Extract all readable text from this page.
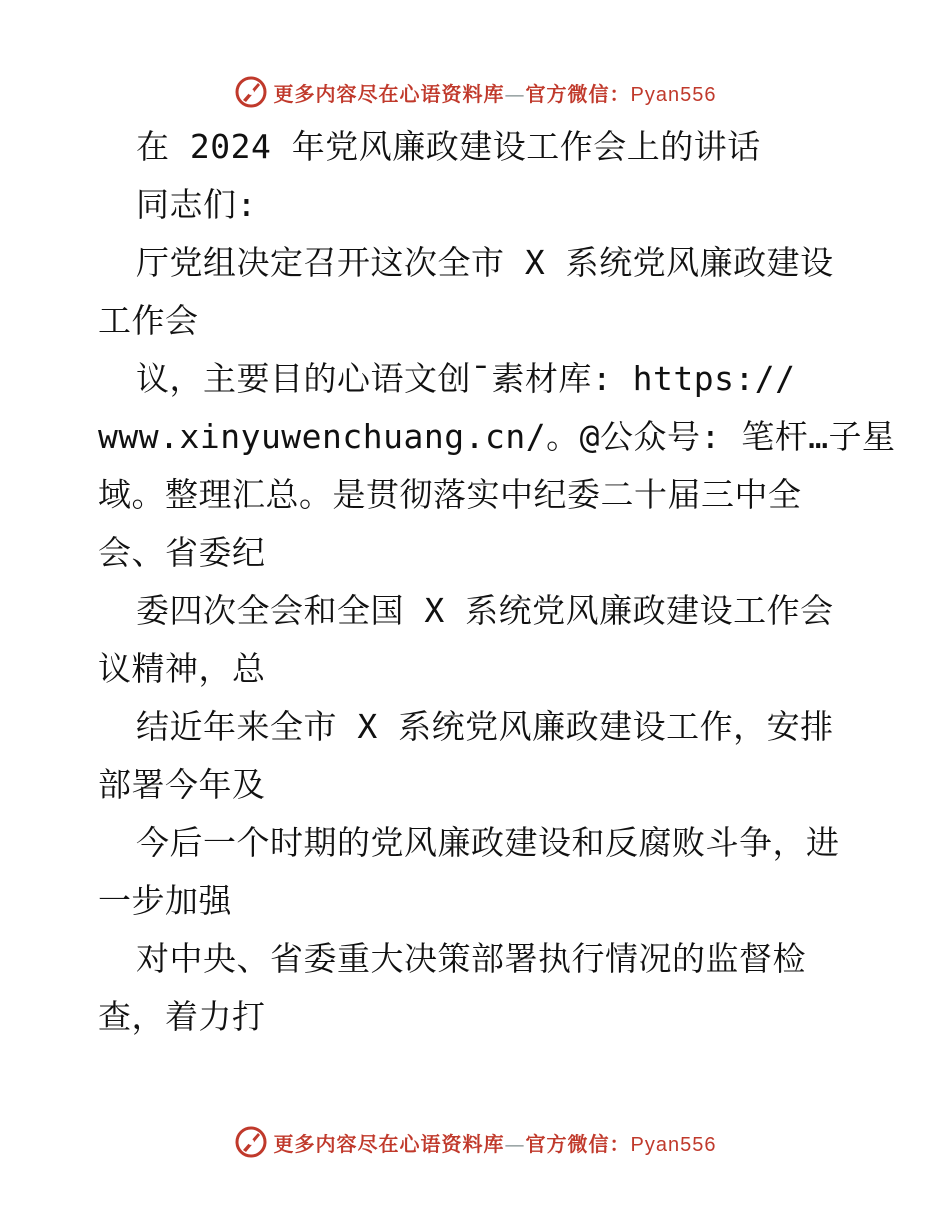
更多内容尽在心语资料库—官方微信：Pyan556
在 2024 年党风廉政建设工作会上的讲话
同志们:
厅党组决定召开这次全市 X 系统党风廉政建设
工作会
议，主要目的心语文创¯素材库: https://
www.xinyuwenchuang.cn/。@公众号: 笔杆…子星
域。整理汇总。是贯彻落实中纪委二十届三中全
会、省委纪
委四次全会和全国 X 系统党风廉政建设工作会
议精神，总
结近年来全市 X 系统党风廉政建设工作，安排
部署今年及
今后一个时期的党风廉政建设和反腐败斗争，进
一步加强
对中央、省委重大决策部署执行情况的监督检
查，着力打
更多内容尽在心语资料库—官方微信：Pyan556
